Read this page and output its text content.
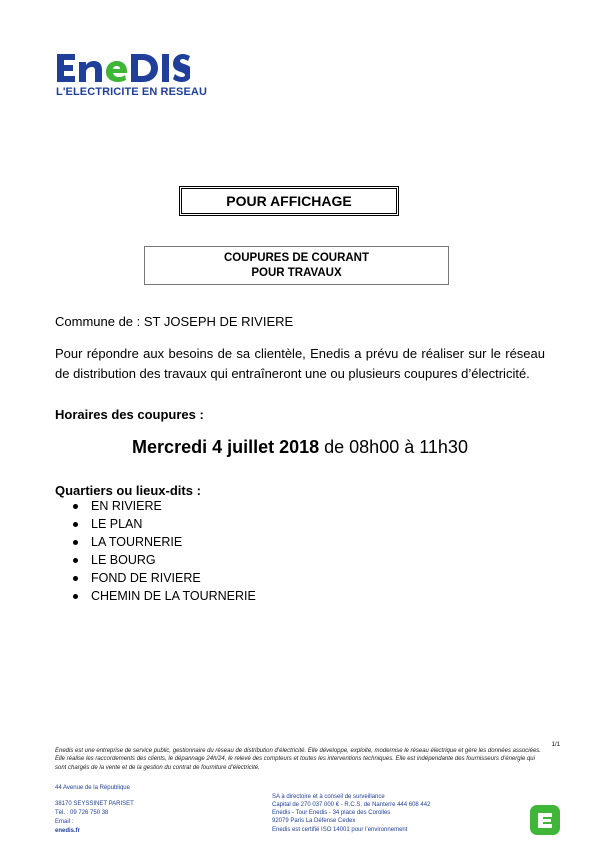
L'ELECTRICITE EN RESEAU
POUR AFFICHAGE
COUPURES DE COURANT
POUR TRAVAUX
Commune de : ST JOSEPH DE RIVIERE
Pour répondre aux besoins de sa clientèle, Enedis a prévu de réaliser sur le réseau de distribution des travaux qui entraîneront une ou plusieurs coupures d’électricité.
Horaires des coupures :
Mercredi 4 juillet 2018 de 08h00 à 11h30
Quartiers ou lieux-dits :
EN RIVIERE
LE PLAN
LA TOURNERIE
LE BOURG
FOND DE RIVIERE
CHEMIN DE LA TOURNERIE
1/1
Enedis est une entreprise de service public, gestionnaire du réseau de distribution d’électricité. Elle développe, exploite, modernise le réseau électrique et gère les données associées. Elle réalise les raccordements des clients, le dépannage 24h/24, le relevé des compteurs et toutes les interventions techniques. Elle est indépendante des fournisseurs d’énergie qui sont chargés de la vente et de la gestion du contrat de fourniture d’électricité.
44 Avenue de la République
38170 SEYSSINET PARISET
Tél. : 09 726 750 38
Email :
enedis.fr
SA à directoire et à conseil de surveillance
Capital de 270 037 000 € - R.C.S. de Nanterre 444 608 442
Enedis - Tour Enedis - 34 place des Corolles
92079 Paris La Défense Cedex
Enedis est certifié ISO 14001 pour l’environnement
